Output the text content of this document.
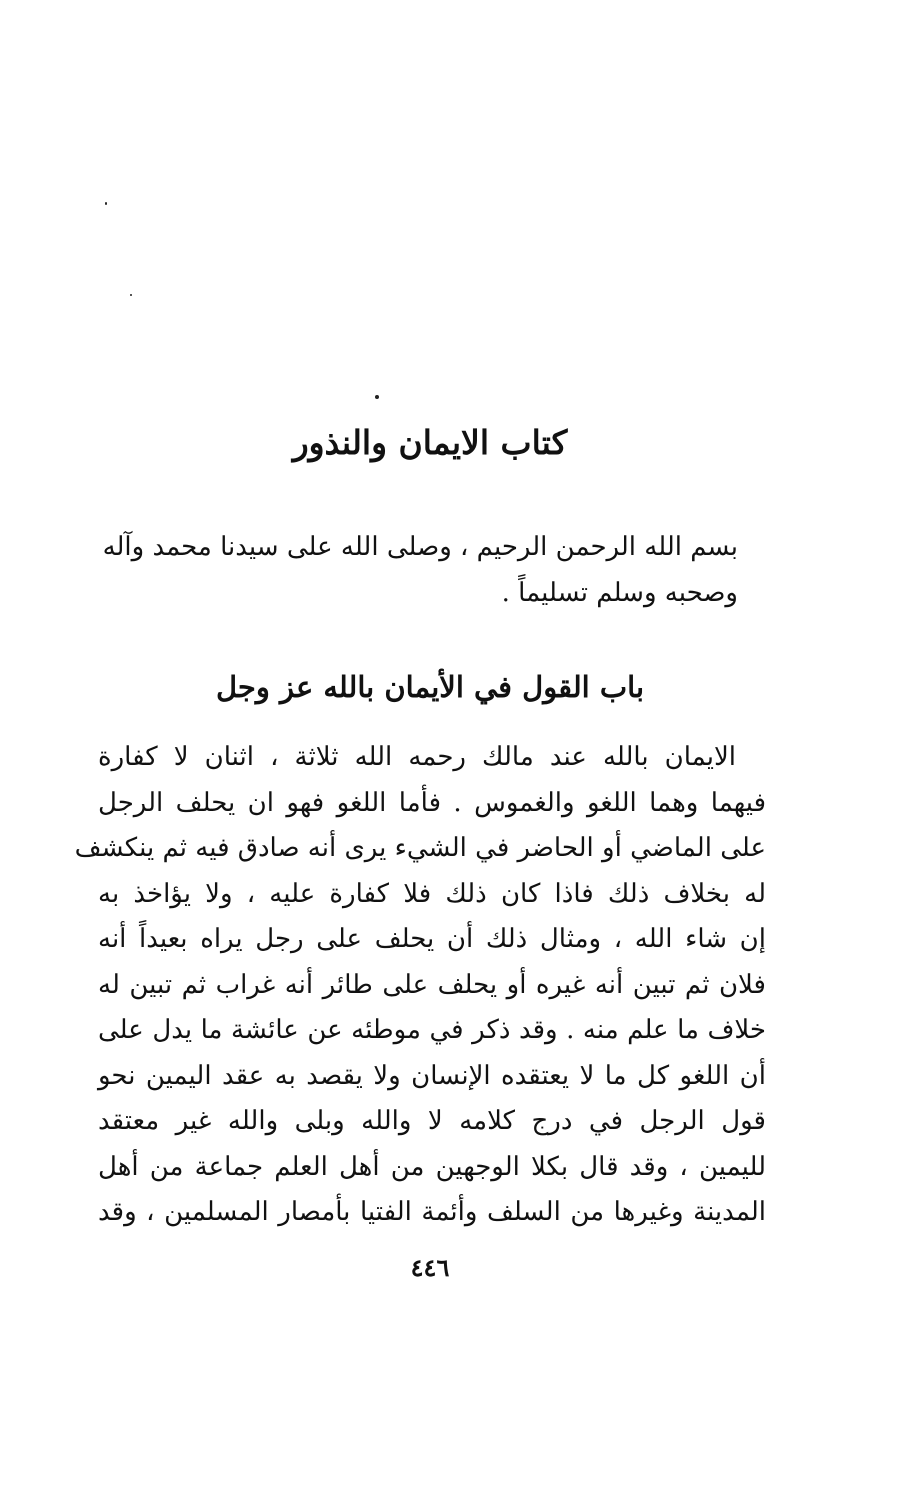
كتاب الايمان والنذور
بسم الله الرحمن الرحيم ، وصلى الله على سيدنا محمد وآله
وصحبه وسلم تسليماً .
باب القول في الأيمان بالله عز وجل
الايمان بالله عند مالك رحمه الله ثلاثة ، اثنان لا كفارة
فيهما وهما اللغو والغموس . فأما اللغو فهو ان يحلف الرجل
على الماضي أو الحاضر في الشيء يرى أنه صادق فيه ثم ينكشف
له بخلاف ذلك فاذا كان ذلك فلا كفارة عليه ، ولا يؤاخذ به
إن شاء الله ، ومثال ذلك أن يحلف على رجل يراه بعيداً أنه
فلان ثم تبين أنه غيره أو يحلف على طائر أنه غراب ثم تبين له
خلاف ما علم منه . وقد ذكر في موطئه عن عائشة ما يدل على
أن اللغو كل ما لا يعتقده الإنسان ولا يقصد به عقد اليمين نحو
قول الرجل في درج كلامه لا والله وبلى والله غير معتقد
لليمين ، وقد قال بكلا الوجهين من أهل العلم جماعة من أهل
المدينة وغيرها من السلف وأئمة الفتيا بأمصار المسلمين ، وقد
٤٤٦
